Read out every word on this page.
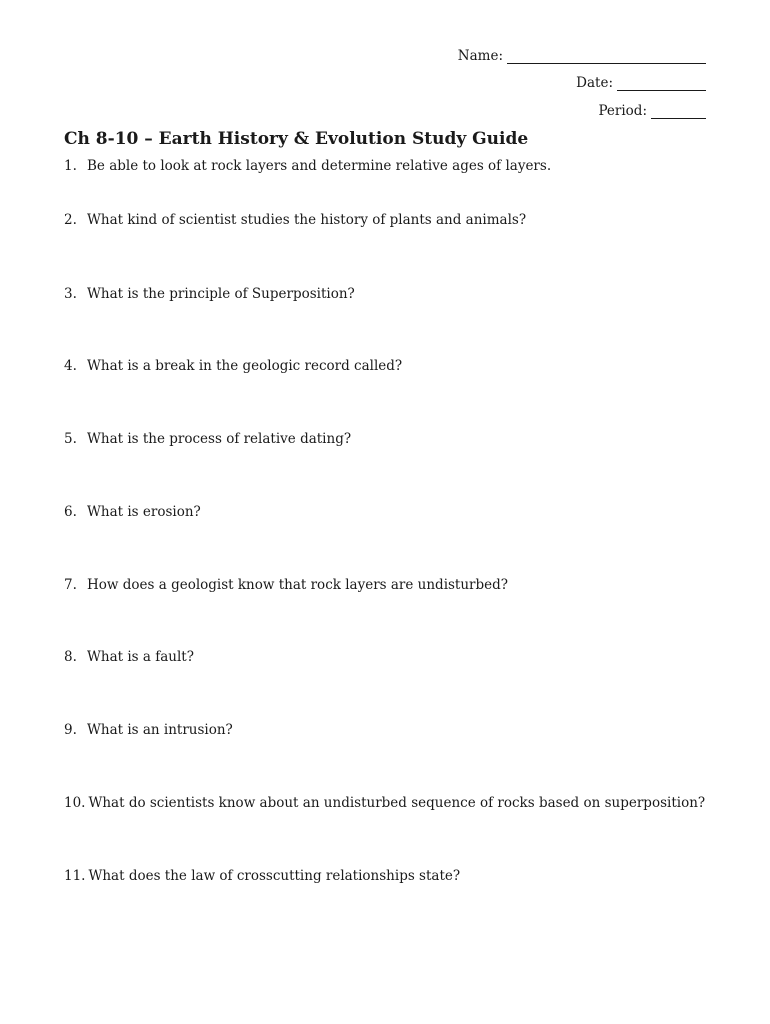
Name:
Date:
Period:
Ch 8-10 – Earth History & Evolution Study Guide
1. Be able to look at rock layers and determine relative ages of layers.
2. What kind of scientist studies the history of plants and animals?
3. What is the principle of Superposition?
4. What is a break in the geologic record called?
5. What is the process of relative dating?
6. What is erosion?
7. How does a geologist know that rock layers are undisturbed?
8. What is a fault?
9. What is an intrusion?
10. What do scientists know about an undisturbed sequence of rocks based on superposition?
11. What does the law of crosscutting relationships state?
